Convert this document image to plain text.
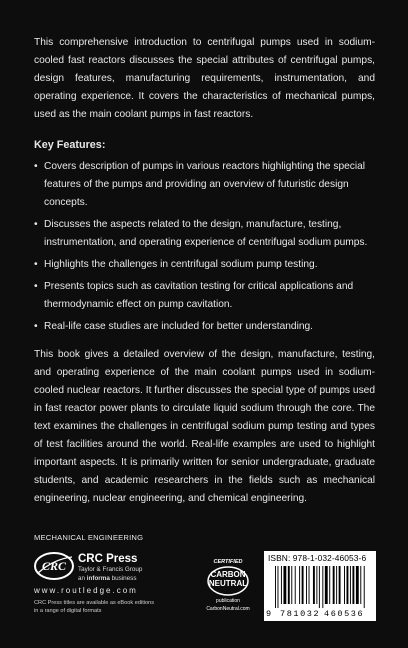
This comprehensive introduction to centrifugal pumps used in sodium-cooled fast reactors discusses the special attributes of centrifugal pumps, design features, manufacturing requirements, instrumentation, and operating experience. It covers the characteristics of mechanical pumps, used as the main coolant pumps in fast reactors.

Key Features:
• Covers description of pumps in various reactors highlighting the special features of the pumps and providing an overview of futuristic design concepts.
• Discusses the aspects related to the design, manufacture, testing, instrumentation, and operating experience of centrifugal sodium pumps.
• Highlights the challenges in centrifugal sodium pump testing.
• Presents topics such as cavitation testing for critical applications and thermodynamic effect on pump cavitation.
• Real-life case studies are included for better understanding.

This book gives a detailed overview of the design, manufacture, testing, and operating experience of the main coolant pumps used in sodium-cooled nuclear reactors. It further discusses the special type of pumps used in fast reactor power plants to circulate liquid sodium through the core. The text examines the challenges in centrifugal sodium pump testing and types of test facilities around the world. Real-life examples are used to highlight important aspects. It is primarily written for senior undergraduate, graduate students, and academic researchers in the fields such as mechanical engineering, nuclear engineering, and chemical engineering.

MECHANICAL ENGINEERING
CRC CRC Press
Taylor & Francis Group
an informa business
www.routledge.com
CRC Press titles are available as eBook editions in a range of digital formats
CERTIFIED
CARBON
NEUTRAL
publication
CarbonNeutral.com
ISBN: 978-1-032-46053-6
9 781032 460536
